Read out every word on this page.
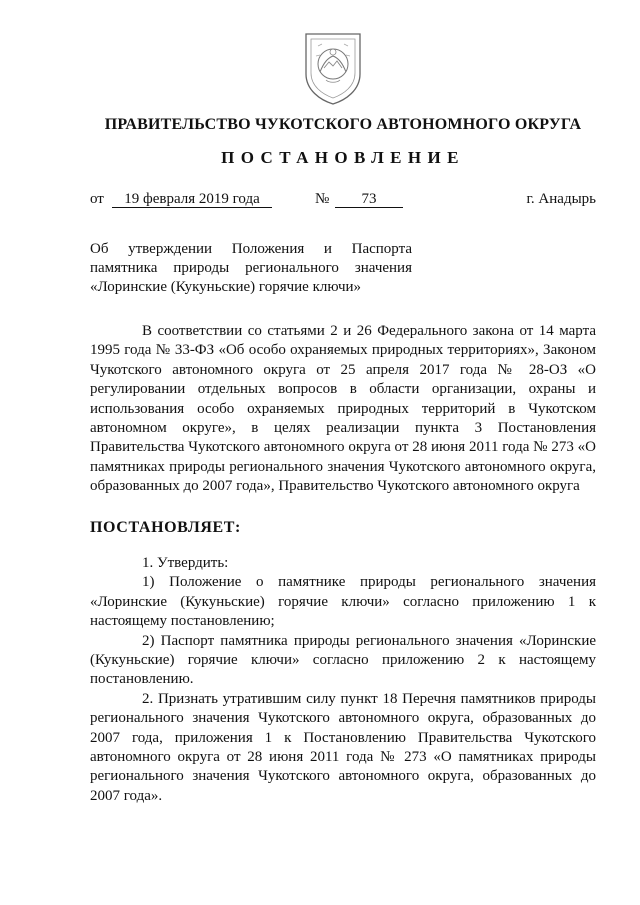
ПРАВИТЕЛЬСТВО ЧУКОТСКОГО АВТОНОМНОГО ОКРУГА
ПОСТАНОВЛЕНИЕ
от	19 февраля 2019 года	№	73	г. Анадырь
Об утверждении Положения и Паспорта
памятника природы регионального значения
«Лоринские (Кукуньские) горячие ключи»
В соответствии со статьями 2 и 26 Федерального закона от 14 марта 1995 года № 33-ФЗ «Об особо охраняемых природных территориях», Законом Чукотского автономного округа от 25 апреля 2017 года № 28-ОЗ «О регулировании отдельных вопросов в области организации, охраны и использования особо охраняемых природных территорий в Чукотском автономном округе», в целях реализации пункта 3 Постановления Правительства Чукотского автономного округа от 28 июня 2011 года № 273 «О памятниках природы регионального значения Чукотского автономного округа, образованных до 2007 года», Правительство Чукотского автономного округа
ПОСТАНОВЛЯЕТ:
1. Утвердить:
1) Положение о памятнике природы регионального значения «Лоринские (Кукуньские) горячие ключи» согласно приложению 1 к настоящему постановлению;
2) Паспорт памятника природы регионального значения «Лоринские (Кукуньские) горячие ключи» согласно приложению 2 к настоящему постановлению.
2. Признать утратившим силу пункт 18 Перечня памятников природы регионального значения Чукотского автономного округа, образованных до 2007 года, приложения 1 к Постановлению Правительства Чукотского автономного округа от 28 июня 2011 года № 273 «О памятниках природы регионального значения Чукотского автономного округа, образованных до 2007 года».
